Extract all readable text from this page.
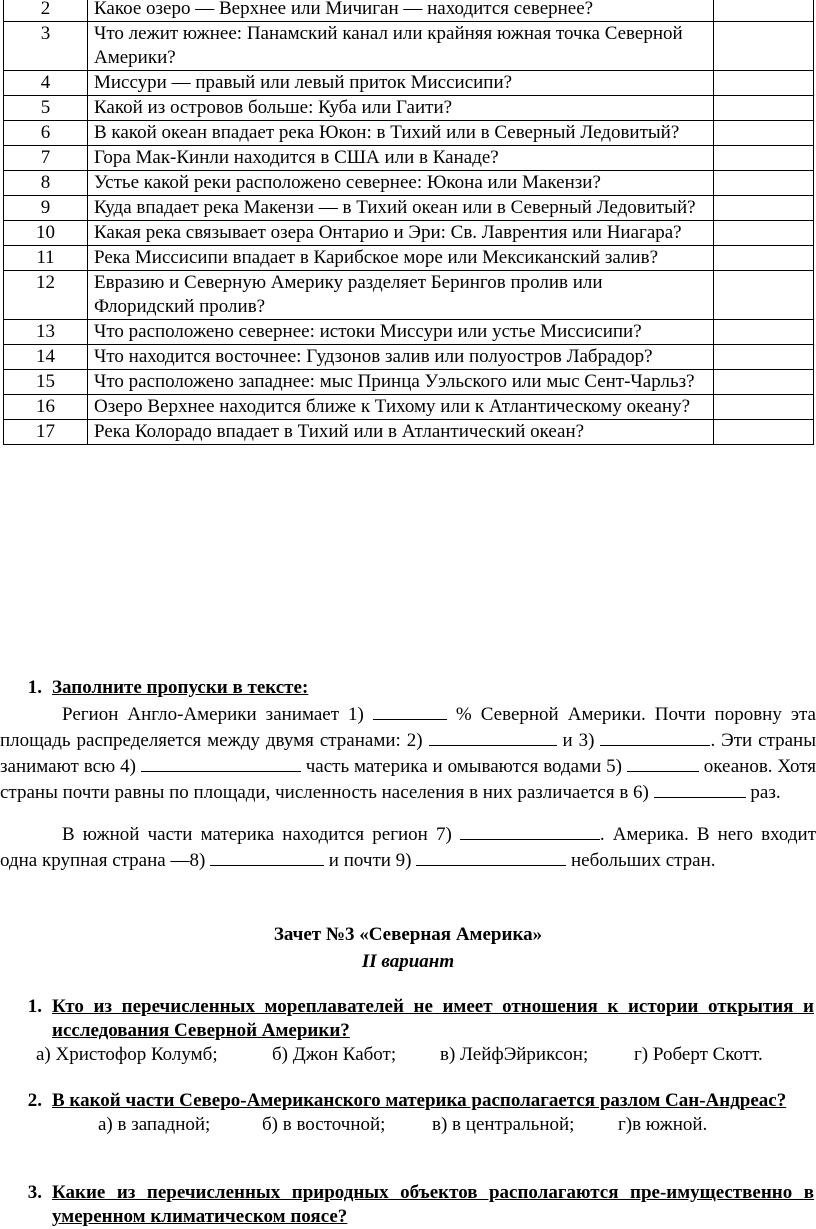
2	Какое озеро — Верхнее или Мичиган — находится севернее?	
3	Что лежит южнее: Панамский канал или крайняя южная точка Северной Америки?	
4	Миссури — правый или левый приток Миссисипи?	
5	Какой из островов больше: Куба или Гаити?	
6	В какой океан впадает река Юкон: в Тихий или в Северный Ледовитый?	
7	Гора Мак-Кинли находится в США или в Канаде?	
8	Устье какой реки расположено севернее: Юкона или Макензи?	
9	Куда впадает река Макензи — в Тихий океан или в Северный Ледовитый?	
10	Какая река связывает озера Онтарио и Эри: Св. Лаврентия или Ниагара?	
11	Река Миссисипи впадает в Карибское море или Мексиканский залив?	
12	Евразию и Северную Америку разделяет Берингов пролив или Флоридский пролив?	
13	Что расположено севернее: истоки Миссури или устье Миссисипи?	
14	Что находится восточнее: Гудзонов залив или полуостров Лабрадор?	
15	Что расположено западнее: мыс Принца Уэльского или мыс Сент-Чарльз?	
16	Озеро Верхнее находится ближе к Тихому или к Атлантическому океану?	
17	Река Колорадо впадает в Тихий или в Атлантический океан?	
1. Заполните пропуски в тексте:
Регион Англо-Америки занимает 1)	% Северной Америки. Почти поровну эта площадь распределяется между двумя странами: 2)	и 3)	. Эти страны занимают всю 4)	часть материка и омываются водами 5)	океанов. Хотя страны почти равны по площади, численность населения в них различается в 6)	раз.
В южной части материка находится регион 7)	. Америка. В него входит одна крупная страна —8)	и почти 9)	небольших стран.
Зачет №3 «Северная Америка»
II вариант
1. Кто из перечисленных мореплавателей не имеет отношения к истории открытия и исследования Северной Америки?
а) Христофор Колумб;	б) Джон Кабот; в) ЛейфЭйриксон; г) Роберт Скотт.
2. В какой части Северо-Американского материка располагается разлом Сан-Андреас?
а) в западной;	б) в восточной; в) в центральной; г)в южной.
3. Какие из перечисленных природных объектов располагаются пре-имущественно в умеренном климатическом поясе?
